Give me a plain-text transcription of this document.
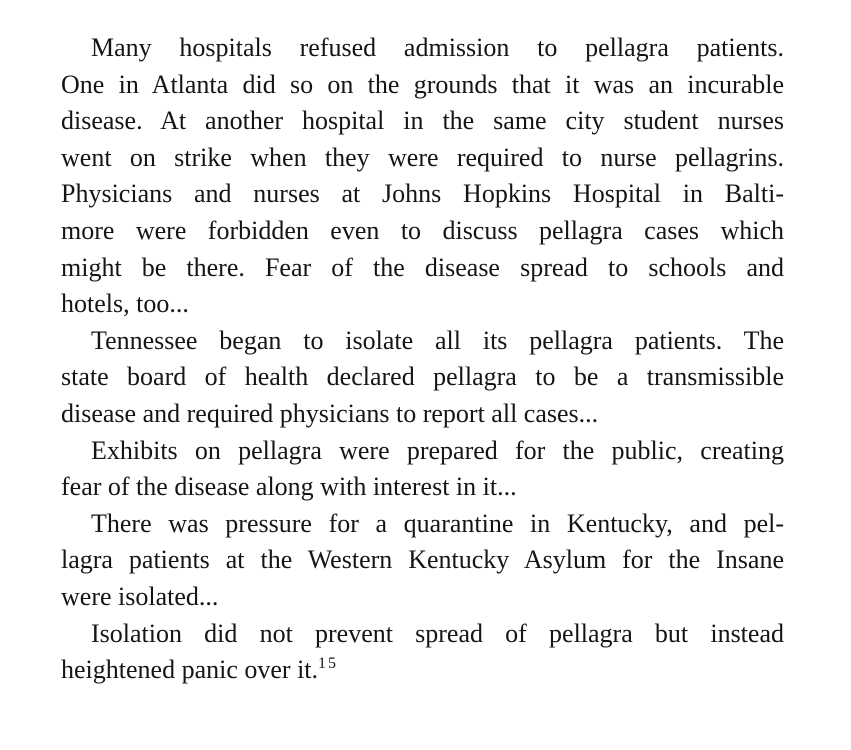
Many hospitals refused admission to pellagra patients.
One in Atlanta did so on the grounds that it was an incurable
disease. At another hospital in the same city student nurses
went on strike when they were required to nurse pellagrins.
Physicians and nurses at Johns Hopkins Hospital in Balti-
more were forbidden even to discuss pellagra cases which
might be there. Fear of the disease spread to schools and
hotels, too...

Tennessee began to isolate all its pellagra patients. The
state board of health declared pellagra to be a transmissible
disease and required physicians to report all cases...

Exhibits on pellagra were prepared for the public, creating
fear of the disease along with interest in it...

There was pressure for a quarantine in Kentucky, and pel-
lagra patients at the Western Kentucky Asylum for the Insane
were isolated...

Isolation did not prevent spread of pellagra but instead
heightened panic over it.$^{15}$
